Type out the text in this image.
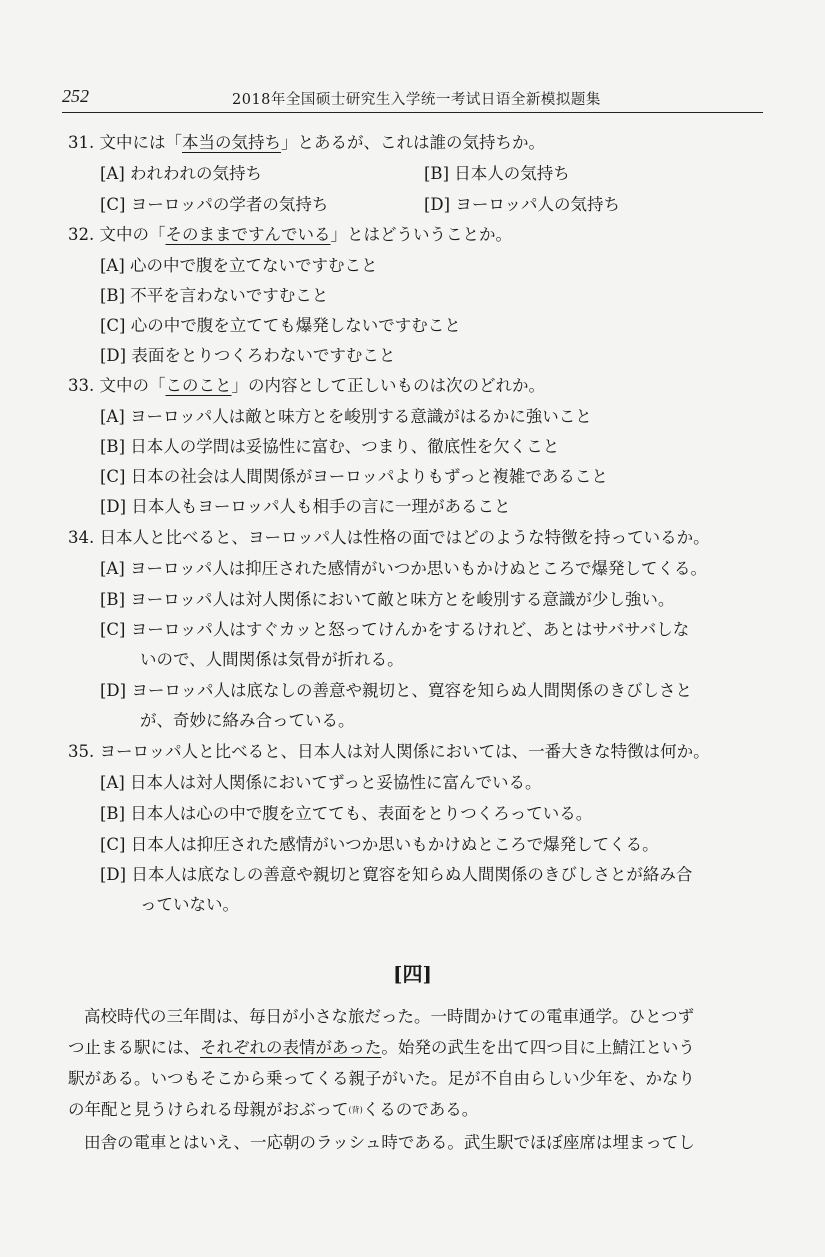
252	2018年全国硕士研究生入学统一考试日语全新模拟题集
31. 文中には「本当の気持ち」とあるが、これは誰の気持ちか。
[A] われわれの気持ち	[B] 日本人の気持ち
[C] ヨーロッパの学者の気持ち	[D] ヨーロッパ人の気持ち
32. 文中の「そのままですんでいる」とはどういうことか。
[A] 心の中で腹を立てないですむこと
[B] 不平を言わないですむこと
[C] 心の中で腹を立てても爆発しないですむこと
[D] 表面をとりつくろわないですむこと
33. 文中の「このこと」の内容として正しいものは次のどれか。
[A] ヨーロッパ人は敵と味方とを峻別する意識がはるかに強いこと
[B] 日本人の学問は妥協性に富む、つまり、徹底性を欠くこと
[C] 日本の社会は人間関係がヨーロッパよりもずっと複雑であること
[D] 日本人もヨーロッパ人も相手の言に一理があること
34. 日本人と比べると、ヨーロッパ人は性格の面ではどのような特徴を持っているか。
[A] ヨーロッパ人は抑圧された感情がいつか思いもかけぬところで爆発してくる。
[B] ヨーロッパ人は対人関係において敵と味方とを峻別する意識が少し強い。
[C] ヨーロッパ人はすぐカッと怒ってけんかをするけれど、あとはサバサバしな
いので、人間関係は気骨が折れる。
[D] ヨーロッパ人は底なしの善意や親切と、寛容を知らぬ人間関係のきびしさと
が、奇妙に絡み合っている。
35. ヨーロッパ人と比べると、日本人は対人関係においては、一番大きな特徴は何か。
[A] 日本人は対人関係においてずっと妥協性に富んでいる。
[B] 日本人は心の中で腹を立てても、表面をとりつくろっている。
[C] 日本人は抑圧された感情がいつか思いもかけぬところで爆発してくる。
[D] 日本人は底なしの善意や親切と寛容を知らぬ人間関係のきびしさとが絡み合
っていない。
[四]
高校時代の三年間は、毎日が小さな旅だった。一時間かけての電車通学。ひとつず
つ止まる駅には、それぞれの表情があった。始発の武生を出て四つ目に上鯖江という
駅がある。いつもそこから乗ってくる親子がいた。足が不自由らしい少年を、かなり
の年配と見うけられる母親がおぶって(背)くるのである。
田舎の電車とはいえ、一応朝のラッシュ時である。武生駅でほぼ座席は埋まってし
